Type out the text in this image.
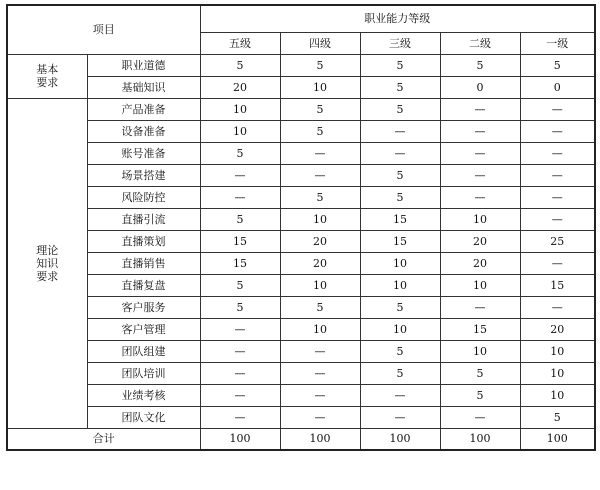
项目		职业能力等级				
		五级	四级	三级	二级	一级

基本
要求	职业道德	5	5	5	5	5
	基础知识	20	10	5	0	0

理论
知识
要求	产品准备	10	5	5	—	—
	设备准备	10	5	—	—	—
	账号准备	5	—	—	—	—
	场景搭建	—	—	5	—	—
	风险防控	—	5	5	—	—
	直播引流	5	10	15	10	—
	直播策划	15	20	15	20	25
	直播销售	15	20	10	20	—
	直播复盘	5	10	10	10	15
	客户服务	5	5	5	—	—
	客户管理	—	10	10	15	20
	团队组建	—	—	5	10	10
	团队培训	—	—	5	5	10
	业绩考核	—	—	—	5	10
	团队文化	—	—	—	—	5
合计		100	100	100	100	100
